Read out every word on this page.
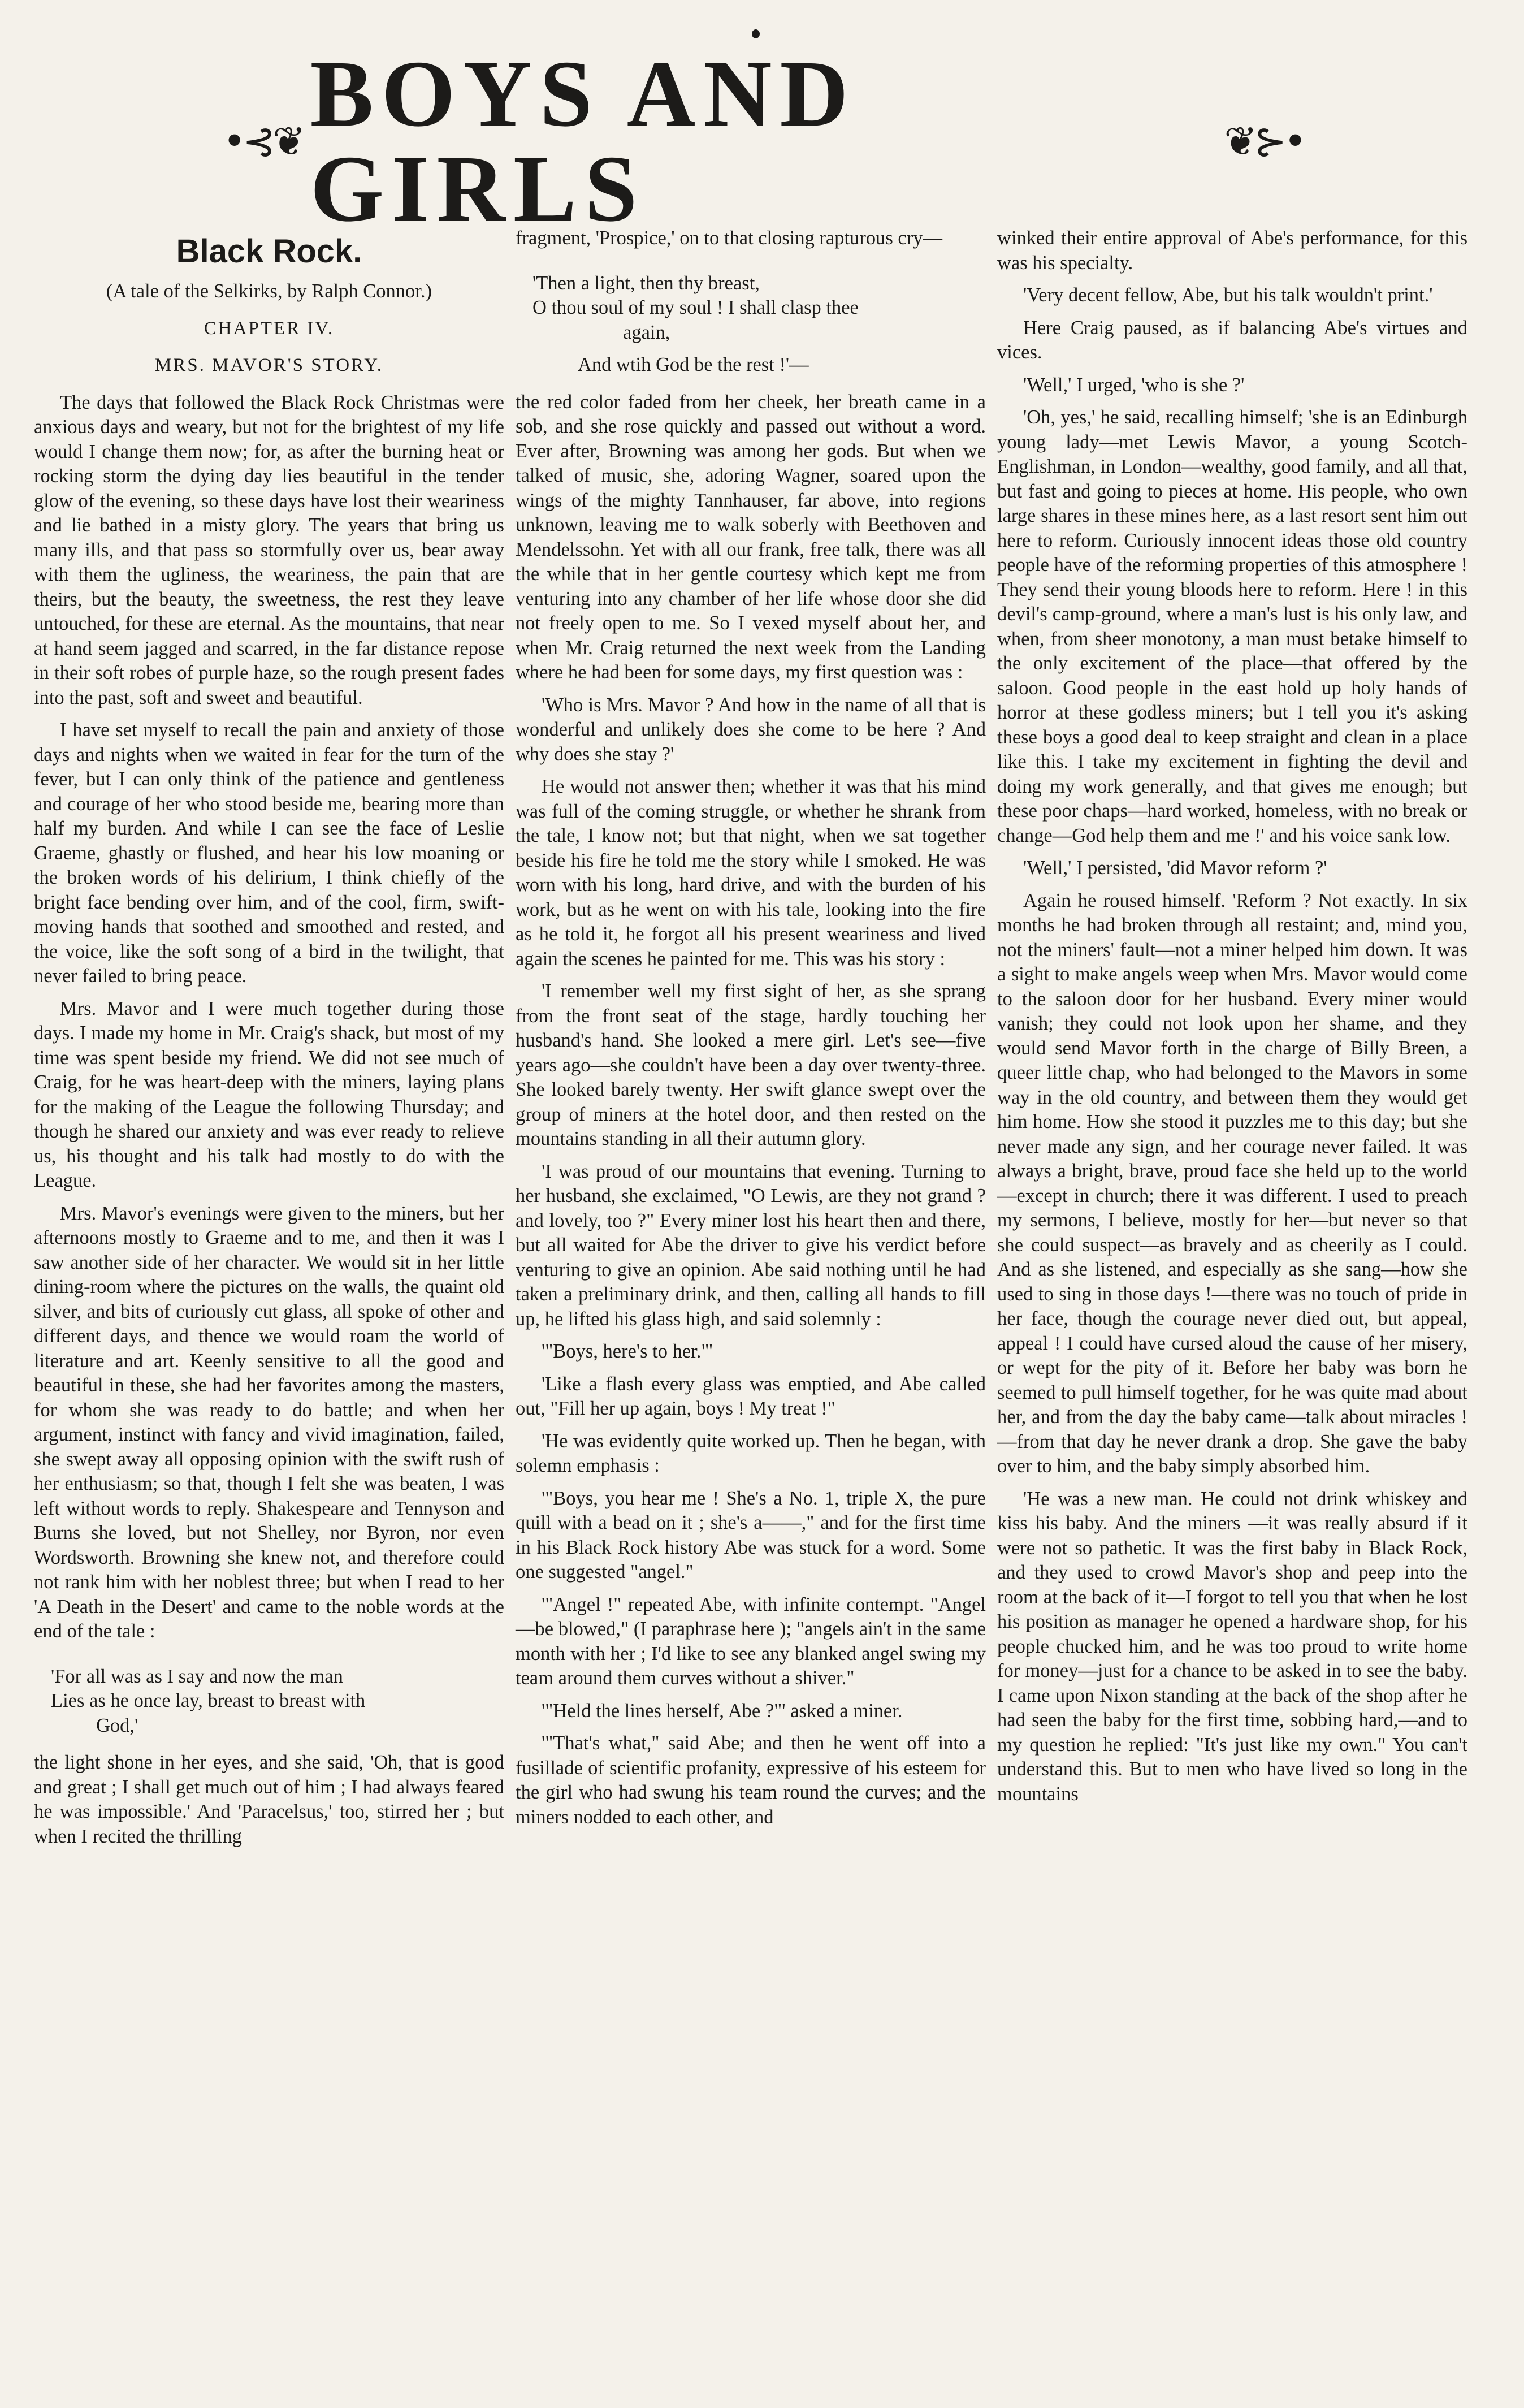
•⊰❦ BOYS AND GIRLS	❦⊱•
Black Rock.
(A tale of the Selkirks, by Ralph Connor.)
CHAPTER IV.
MRS. MAVOR'S STORY.

The days that followed the Black Rock Christmas were anxious days and weary, but not for the brightest of my life would I change them now; for, as after the burning heat or rocking storm the dying day lies beautiful in the tender glow of the evening, so these days have lost their weariness and lie bathed in a misty glory. The years that bring us many ills, and that pass so stormfully over us, bear away with them the ugliness, the weariness, the pain that are theirs, but the beauty, the sweetness, the rest they leave untouched, for these are eternal. As the mountains, that near at hand seem jagged and scarred, in the far distance repose in their soft robes of purple haze, so the rough present fades into the past, soft and sweet and beautiful.

I have set myself to recall the pain and anxiety of those days and nights when we waited in fear for the turn of the fever, but I can only think of the patience and gentleness and courage of her who stood beside me, bearing more than half my burden. And while I can see the face of Leslie Graeme, ghastly or flushed, and hear his low moaning or the broken words of his delirium, I think chiefly of the bright face bending over him, and of the cool, firm, swift-moving hands that soothed and smoothed and rested, and the voice, like the soft song of a bird in the twilight, that never failed to bring peace.

Mrs. Mavor and I were much together during those days. I made my home in Mr. Craig's shack, but most of my time was spent beside my friend. We did not see much of Craig, for he was heart-deep with the miners, laying plans for the making of the League the following Thursday; and though he shared our anxiety and was ever ready to relieve us, his thought and his talk had mostly to do with the League.

Mrs. Mavor's evenings were given to the miners, but her afternoons mostly to Graeme and to me, and then it was I saw another side of her character. We would sit in her little dining-room where the pictures on the walls, the quaint old silver, and bits of curiously cut glass, all spoke of other and different days, and thence we would roam the world of literature and art. Keenly sensitive to all the good and beautiful in these, she had her favorites among the masters, for whom she was ready to do battle; and when her argument, instinct with fancy and vivid imagination, failed, she swept away all opposing opinion with the swift rush of her enthusiasm; so that, though I felt she was beaten, I was left without words to reply. Shakespeare and Tennyson and Burns she loved, but not Shelley, nor Byron, nor even Wordsworth. Browning she knew not, and therefore could not rank him with her noblest three; but when I read to her 'A Death in the Desert' and came to the noble words at the end of the tale :

'For all was as I say and now the man

Lies as he once lay, breast to breast with

God,'

the light shone in her eyes, and she said, 'Oh, that is good and great ; I shall get much out of him ; I had always feared he was impossible.' And 'Paracelsus,' too, stirred her ; but when I recited the thrilling

fragment, 'Prospice,' on to that closing rapturous cry—

'Then a light, then thy breast,

O thou soul of my soul ! I shall clasp thee

again,

And wtih God be the rest !'—

the red color faded from her cheek, her breath came in a sob, and she rose quickly and passed out without a word. Ever after, Browning was among her gods. But when we talked of music, she, adoring Wagner, soared upon the wings of the mighty Tannhauser, far above, into regions unknown, leaving me to walk soberly with Beethoven and Mendelssohn. Yet with all our frank, free talk, there was all the while that in her gentle courtesy which kept me from venturing into any chamber of her life whose door she did not freely open to me. So I vexed myself about her, and when Mr. Craig returned the next week from the Landing where he had been for some days, my first question was :

'Who is Mrs. Mavor ? And how in the name of all that is wonderful and unlikely does she come to be here ? And why does she stay ?'

He would not answer then; whether it was that his mind was full of the coming struggle, or whether he shrank from the tale, I know not; but that night, when we sat together beside his fire he told me the story while I smoked. He was worn with his long, hard drive, and with the burden of his work, but as he went on with his tale, looking into the fire as he told it, he forgot all his present weariness and lived again the scenes he painted for me. This was his story :

'I remember well my first sight of her, as she sprang from the front seat of the stage, hardly touching her husband's hand. She looked a mere girl. Let's see—five years ago—she couldn't have been a day over twenty-three. She looked barely twenty. Her swift glance swept over the group of miners at the hotel door, and then rested on the mountains standing in all their autumn glory.

'I was proud of our mountains that evening. Turning to her husband, she exclaimed, "O Lewis, are they not grand ? and lovely, too ?" Every miner lost his heart then and there, but all waited for Abe the driver to give his verdict before venturing to give an opinion. Abe said nothing until he had taken a preliminary drink, and then, calling all hands to fill up, he lifted his glass high, and said solemnly :

'"Boys, here's to her."'

'Like a flash every glass was emptied, and Abe called out, "Fill her up again, boys ! My treat !"

'He was evidently quite worked up. Then he began, with solemn emphasis :

'"Boys, you hear me ! She's a No. 1, triple X, the pure quill with a bead on it ; she's a——," and for the first time in his Black Rock history Abe was stuck for a word. Some one suggested "angel."

'"Angel !" repeated Abe, with infinite contempt. "Angel —be blowed," (I paraphrase here ); "angels ain't in the same month with her ; I'd like to see any blanked angel swing my team around them curves without a shiver."

'"Held the lines herself, Abe ?"' asked a miner.

'"That's what," said Abe; and then he went off into a fusillade of scientific profanity, expressive of his esteem for the girl who had swung his team round the curves; and the miners nodded to each other, and

winked their entire approval of Abe's performance, for this was his specialty.

'Very decent fellow, Abe, but his talk wouldn't print.'

Here Craig paused, as if balancing Abe's virtues and vices.

'Well,' I urged, 'who is she ?'

'Oh, yes,' he said, recalling himself; 'she is an Edinburgh young lady—met Lewis Mavor, a young Scotch-Englishman, in London—wealthy, good family, and all that, but fast and going to pieces at home. His people, who own large shares in these mines here, as a last resort sent him out here to reform. Curiously innocent ideas those old country people have of the reforming properties of this atmosphere ! They send their young bloods here to reform. Here ! in this devil's camp-ground, where a man's lust is his only law, and when, from sheer monotony, a man must betake himself to the only excitement of the place—that offered by the saloon. Good people in the east hold up holy hands of horror at these godless miners; but I tell you it's asking these boys a good deal to keep straight and clean in a place like this. I take my excitement in fighting the devil and doing my work generally, and that gives me enough; but these poor chaps—hard worked, homeless, with no break or change—God help them and me !' and his voice sank low.

'Well,' I persisted, 'did Mavor reform ?'

Again he roused himself. 'Reform ? Not exactly. In six months he had broken through all restaint; and, mind you, not the miners' fault—not a miner helped him down. It was a sight to make angels weep when Mrs. Mavor would come to the saloon door for her husband. Every miner would vanish; they could not look upon her shame, and they would send Mavor forth in the charge of Billy Breen, a queer little chap, who had belonged to the Mavors in some way in the old country, and between them they would get him home. How she stood it puzzles me to this day; but she never made any sign, and her courage never failed. It was always a bright, brave, proud face she held up to the world—except in church; there it was different. I used to preach my sermons, I believe, mostly for her—but never so that she could suspect—as bravely and as cheerily as I could. And as she listened, and especially as she sang—how she used to sing in those days !—there was no touch of pride in her face, though the courage never died out, but appeal, appeal ! I could have cursed aloud the cause of her misery, or wept for the pity of it. Before her baby was born he seemed to pull himself together, for he was quite mad about her, and from the day the baby came—talk about miracles !—from that day he never drank a drop. She gave the baby over to him, and the baby simply absorbed him.

'He was a new man. He could not drink whiskey and kiss his baby. And the miners —it was really absurd if it were not so pathetic. It was the first baby in Black Rock, and they used to crowd Mavor's shop and peep into the room at the back of it—I forgot to tell you that when he lost his position as manager he opened a hardware shop, for his people chucked him, and he was too proud to write home for money—just for a chance to be asked in to see the baby. I came upon Nixon standing at the back of the shop after he had seen the baby for the first time, sobbing hard,—and to my question he replied: "It's just like my own." You can't understand this. But to men who have lived so long in the mountains
